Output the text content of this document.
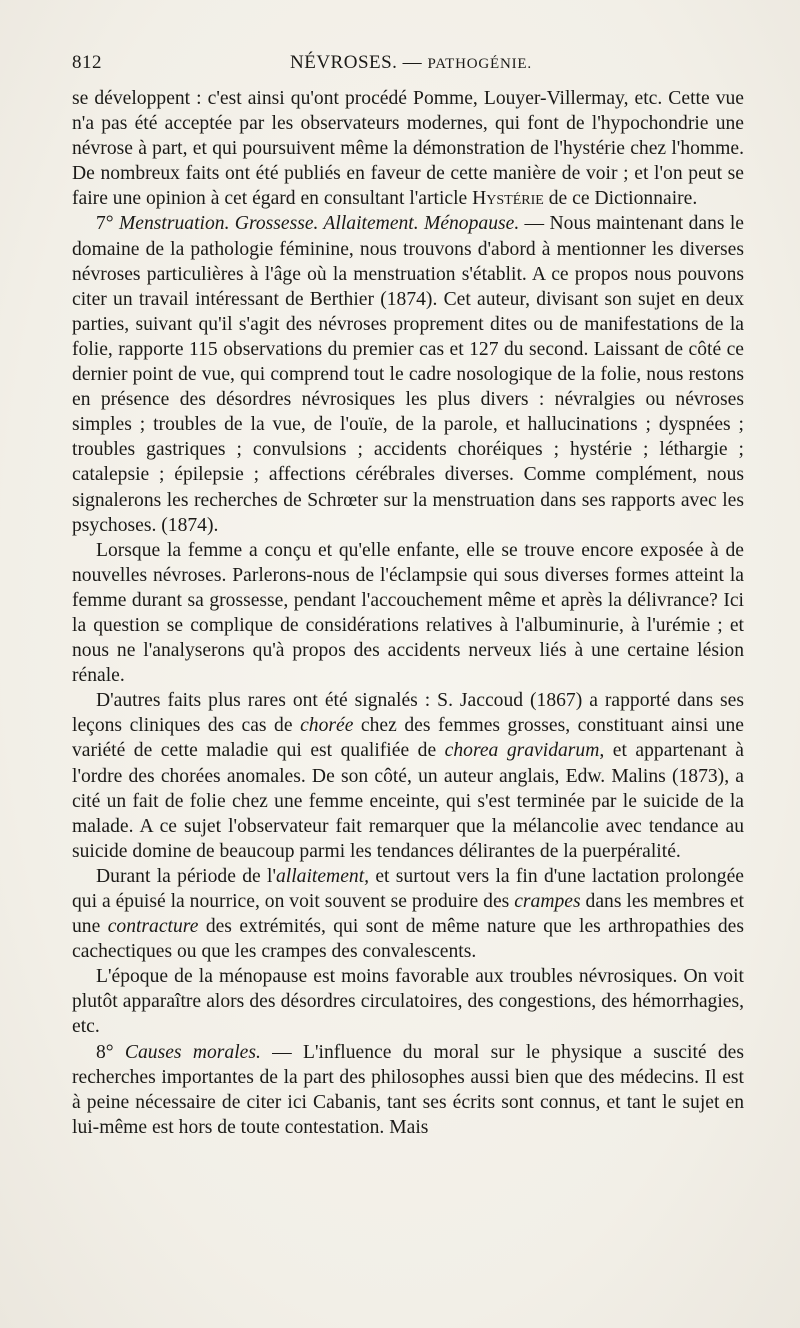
812	NÉVROSES. — PATHOGÉNIE.

se développent : c'est ainsi qu'ont procédé Pomme, Louyer-Villermay, etc. Cette vue n'a pas été acceptée par les observateurs modernes, qui font de l'hypochondrie une névrose à part, et qui poursuivent même la démonstration de l'hystérie chez l'homme. De nombreux faits ont été publiés en faveur de cette manière de voir ; et l'on peut se faire une opinion à cet égard en consultant l'article Hystérie de ce Dictionnaire.

7° Menstruation. Grossesse. Allaitement. Ménopause. — Nous maintenant dans le domaine de la pathologie féminine, nous trouvons d'abord à mentionner les diverses névroses particulières à l'âge où la menstruation s'établit. A ce propos nous pouvons citer un travail intéressant de Berthier (1874). Cet auteur, divisant son sujet en deux parties, suivant qu'il s'agit des névroses proprement dites ou de manifestations de la folie, rapporte 115 observations du premier cas et 127 du second. Laissant de côté ce dernier point de vue, qui comprend tout le cadre nosologique de la folie, nous restons en présence des désordres névrosiques les plus divers : névralgies ou névroses simples ; troubles de la vue, de l'ouïe, de la parole, et hallucinations ; dyspnées ; troubles gastriques ; convulsions ; accidents choréiques ; hystérie ; léthargie ; catalepsie ; épilepsie ; affections cérébrales diverses. Comme complément, nous signalerons les recherches de Schrœter sur la menstruation dans ses rapports avec les psychoses. (1874).

Lorsque la femme a conçu et qu'elle enfante, elle se trouve encore exposée à de nouvelles névroses. Parlerons-nous de l'éclampsie qui sous diverses formes atteint la femme durant sa grossesse, pendant l'accouchement même et après la délivrance? Ici la question se complique de considérations relatives à l'albuminurie, à l'urémie ; et nous ne l'analyserons qu'à propos des accidents nerveux liés à une certaine lésion rénale.

D'autres faits plus rares ont été signalés : S. Jaccoud (1867) a rapporté dans ses leçons cliniques des cas de chorée chez des femmes grosses, constituant ainsi une variété de cette maladie qui est qualifiée de chorea gravidarum, et appartenant à l'ordre des chorées anomales. De son côté, un auteur anglais, Edw. Malins (1873), a cité un fait de folie chez une femme enceinte, qui s'est terminée par le suicide de la malade. A ce sujet l'observateur fait remarquer que la mélancolie avec tendance au suicide domine de beaucoup parmi les tendances délirantes de la puerpéralité.

Durant la période de l'allaitement, et surtout vers la fin d'une lactation prolongée qui a épuisé la nourrice, on voit souvent se produire des crampes dans les membres et une contracture des extrémités, qui sont de même nature que les arthropathies des cachectiques ou que les crampes des convalescents.

L'époque de la ménopause est moins favorable aux troubles névrosiques. On voit plutôt apparaître alors des désordres circulatoires, des congestions, des hémorrhagies, etc.

8° Causes morales. — L'influence du moral sur le physique a suscité des recherches importantes de la part des philosophes aussi bien que des médecins. Il est à peine nécessaire de citer ici Cabanis, tant ses écrits sont connus, et tant le sujet en lui-même est hors de toute contestation. Mais
